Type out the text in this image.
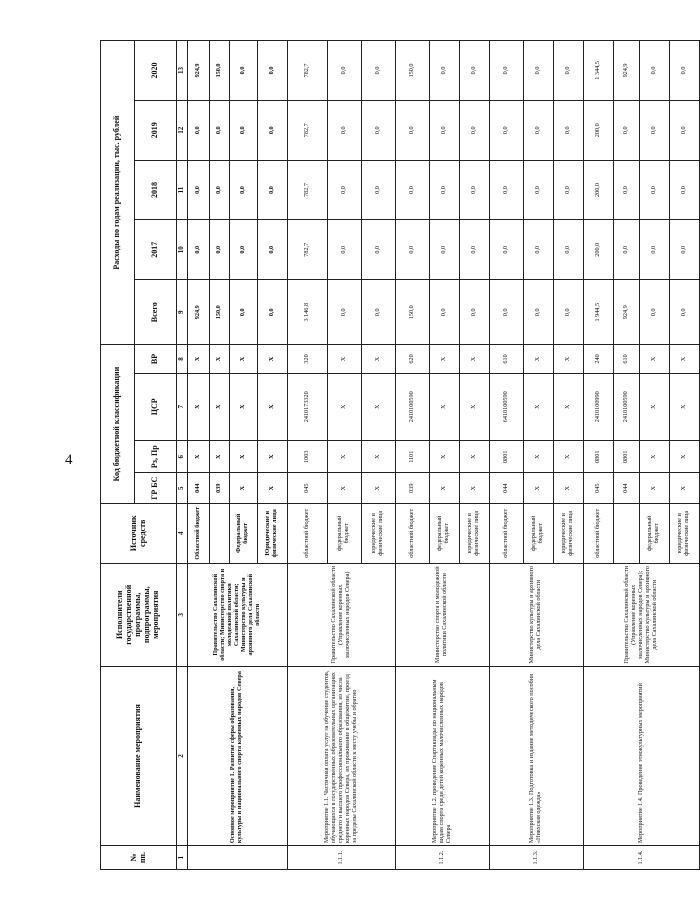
4
№ пп.	Наименование мероприятия	Исполнители государственной программы, подпрограммы, мероприятия	Источник средств	Код бюджетной классификации				Расходы по годам реализации, тыс. рублей				
				ГР БС	Рз, Пр	ЦСР	ВР	Всего	2017	2018	2019	2020
1	2	3	4	5	6	7	8	9	10	11	12	13
	Основное мероприятие 1. Развитие сферы образования, культуры и национального спорта коренных народов Севера	Правительство Сахалинской области; Министерство спорта и молодежной политики Сахалинской области; Министерство культуры и архивного дела Сахалинской области	Областной бюджет	044	X	X	X	924,9	0,0	0,0	0,0	924,9
				039	X	X	X	150,0	0,0	0,0	0,0	150,0
			Федеральный бюджет	X	X	X	X	0,0	0,0	0,0	0,0	0,0
			Юридические и физические лица	X	X	X	X	0,0	0,0	0,0	0,0	0,0
1.1.1.	Мероприятие 1.1. Частичная оплата услуг за обучение студентов, обучающихся в государственных образовательных организациях среднего и высшего профессионального образования, из числа коренных народов Севера, их проживание в общежитии, проезд за пределы Сахалинской области к месту учебы и обратно	Правительство Сахалинской области (Управление коренных малочисленных народов Севера)	областной бюджет	045	1003	2410173320	320	3 146,8	782,7	782,7	782,7	782,7
			федеральный бюджет	X	X	X	X	0,0	0,0	0,0	0,0	0,0
			юридические и физические лица	X	X	X	X	0,0	0,0	0,0	0,0	0,0
1.1.2.	Мероприятие 1.2. проведение Спартакиады по национальным видам спорта среди детей коренных малочисленных народов Севера	Министерство спорта и молодежной политики Сахалинской области	областной бюджет	039	1101	2410100590	620	150,0	0,0	0,0	0,0	150,0
			федеральный бюджет	X	X	X	X	0,0	0,0	0,0	0,0	0,0
			юридические и физические лица	X	X	X	X	0,0	0,0	0,0	0,0	0,0
1.1.3.	Мероприятие 1.3. Подготовка и издание методического пособия «Нивхская одежда»	Министерство культуры и архивного дела Сахалинской области	областной бюджет	044	0801	6410100590	610	0,0	0,0	0,0	0,0	0,0
			федеральный бюджет	X	X	X	X	0,0	0,0	0,0	0,0	0,0
			юридические и физические лица	X	X	X	X	0,0	0,0	0,0	0,0	0,0
1.1.4.	Мероприятие 1.4. Проведение этнокультурных мероприятий	Правительство Сахалинской области (Управление коренных малочисленных народов Севера); Министерство культуры и архивного дела Сахалинской области	областной бюджет	045	0801	2410100990	240	1 944,5	200,0	200,0	200,0	1 344,5
				044	0801	2410100590	610	924,9	0,0	0,0	0,0	924,9
			федеральный бюджет	X	X	X	X	0,0	0,0	0,0	0,0	0,0
			юридические и физические лица	X	X	X	X	0,0	0,0	0,0	0,0	0,0
